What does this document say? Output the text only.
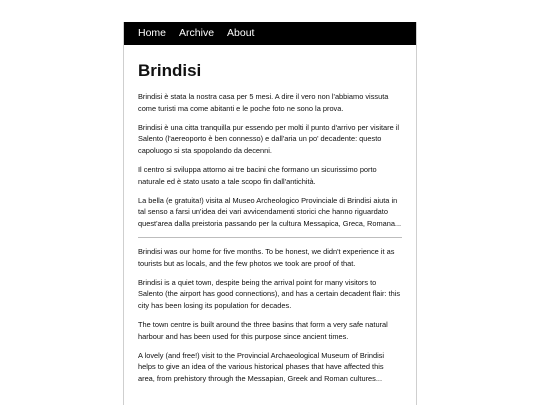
Home Archive About
Brindisi

Brindisi è stata la nostra casa per 5 mesi. A dire il vero non l'abbiamo vissuta come turisti ma come abitanti e le poche foto ne sono la prova.

Brindisi è una citta tranquilla pur essendo per molti il punto d'arrivo per visitare il Salento (l'aereoporto è ben connesso) e dall'aria un po' decadente: questo capoluogo si sta spopolando da decenni.

Il centro si sviluppa attorno ai tre bacini che formano un sicurissimo porto naturale ed è stato usato a tale scopo fin dall'antichità.

La bella (e gratuita!) visita al Museo Archeologico Provinciale di Brindisi aiuta in tal senso a farsi un'idea dei vari avvicendamenti storici che hanno riguardato quest'area dalla preistoria passando per la cultura Messapica, Greca, Romana...

Brindisi was our home for five months. To be honest, we didn't experience it as tourists but as locals, and the few photos we took are proof of that.

Brindisi is a quiet town, despite being the arrival point for many visitors to Salento (the airport has good connections), and has a certain decadent flair: this city has been losing its population for decades.

The town centre is built around the three basins that form a very safe natural harbour and has been used for this purpose since ancient times.

A lovely (and free!) visit to the Provincial Archaeological Museum of Brindisi helps to give an idea of the various historical phases that have affected this area, from prehistory through the Messapian, Greek and Roman cultures...
